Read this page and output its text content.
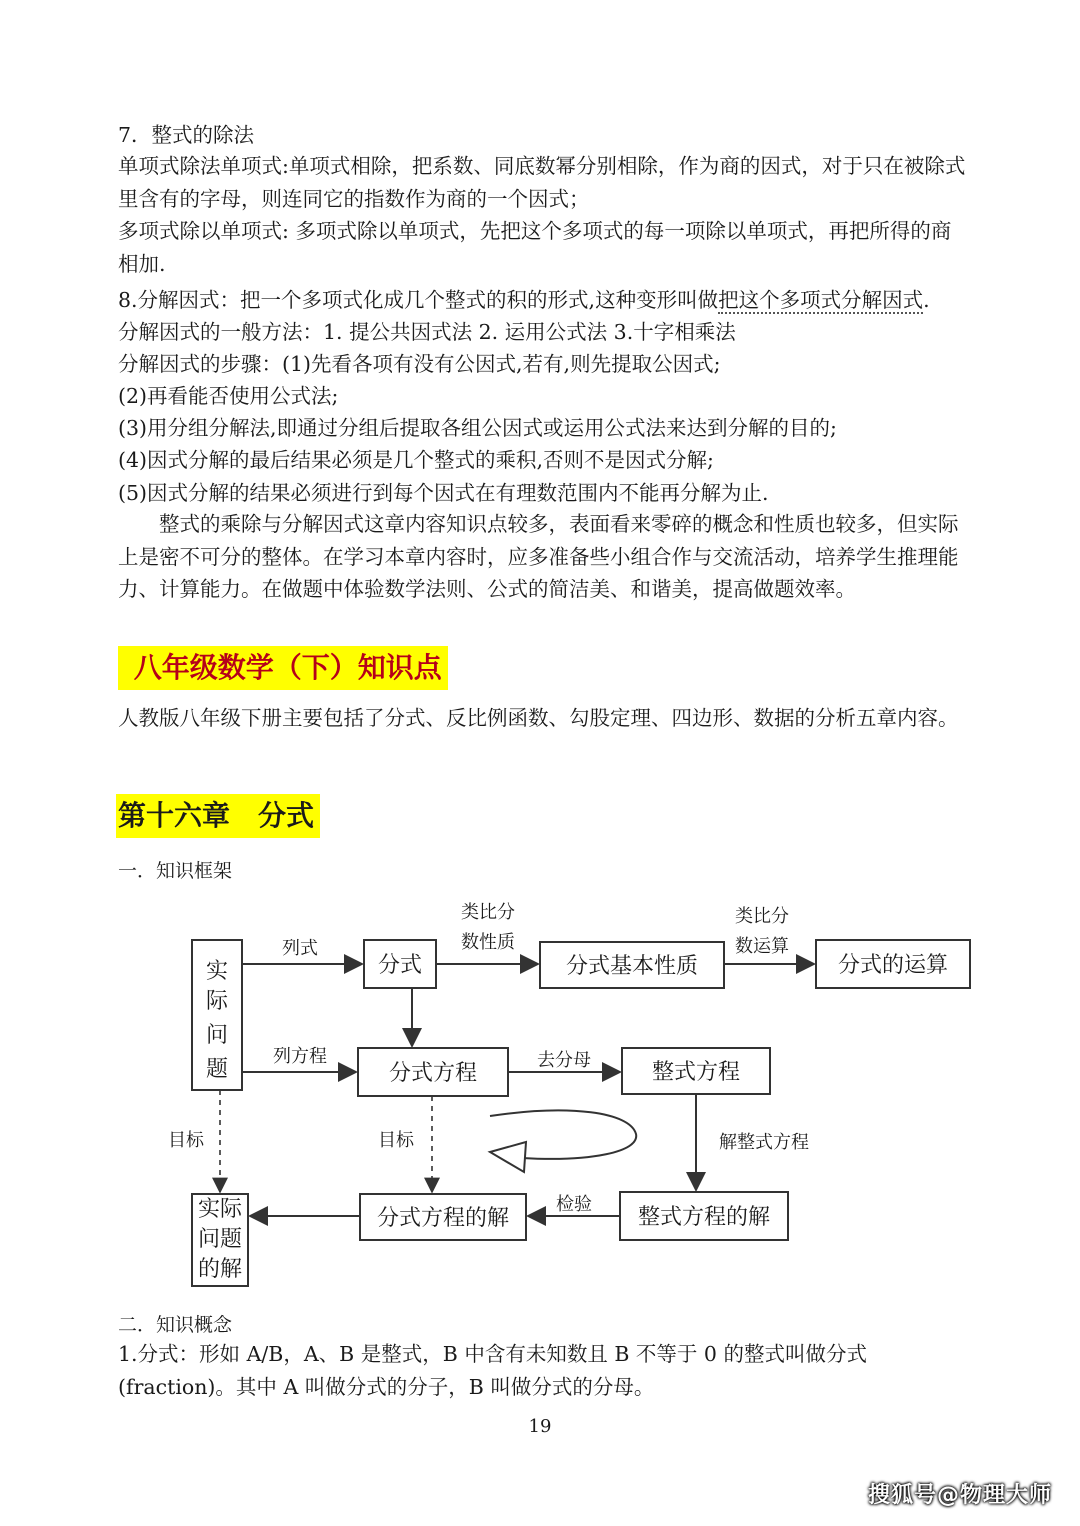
7．整式的除法
单项式除法单项式:单项式相除，把系数、同底数幂分别相除，作为商的因式，对于只在被除式里含有的字母，则连同它的指数作为商的一个因式；
多项式除以单项式: 多项式除以单项式，先把这个多项式的每一项除以单项式，再把所得的商相加.
8.分解因式：把一个多项式化成几个整式的积的形式,这种变形叫做把这个多项式分解因式.
分解因式的一般方法：1. 提公共因式法 2. 运用公式法 3.十字相乘法
分解因式的步骤：(1)先看各项有没有公因式,若有,则先提取公因式;
(2)再看能否使用公式法;
(3)用分组分解法,即通过分组后提取各组公因式或运用公式法来达到分解的目的;
(4)因式分解的最后结果必须是几个整式的乘积,否则不是因式分解;
(5)因式分解的结果必须进行到每个因式在有理数范围内不能再分解为止.
整式的乘除与分解因式这章内容知识点较多，表面看来零碎的概念和性质也较多，但实际上是密不可分的整体。在学习本章内容时，应多准备些小组合作与交流活动，培养学生推理能力、计算能力。在做题中体验数学法则、公式的简洁美、和谐美，提高做题效率。
八年级数学（下）知识点
人教版八年级下册主要包括了分式、反比例函数、勾股定理、四边形、数据的分析五章内容。
第十六章　分式
一．知识框架
实
际
问
题
分式	分式基本性质	分式的运算
分式方程	整式方程
分式方程的解	整式方程的解
实际
问题
的解
列式
类比分
数性质
类比分
数运算
列方程	去分母
目标	目标	解整式方程
检验
二．知识概念
1.分式：形如 A/B，A、B 是整式，B 中含有未知数且 B 不等于 0 的整式叫做分式(fraction)。其中 A 叫做分式的分子，B 叫做分式的分母。
19
搜狐号@物理大师
